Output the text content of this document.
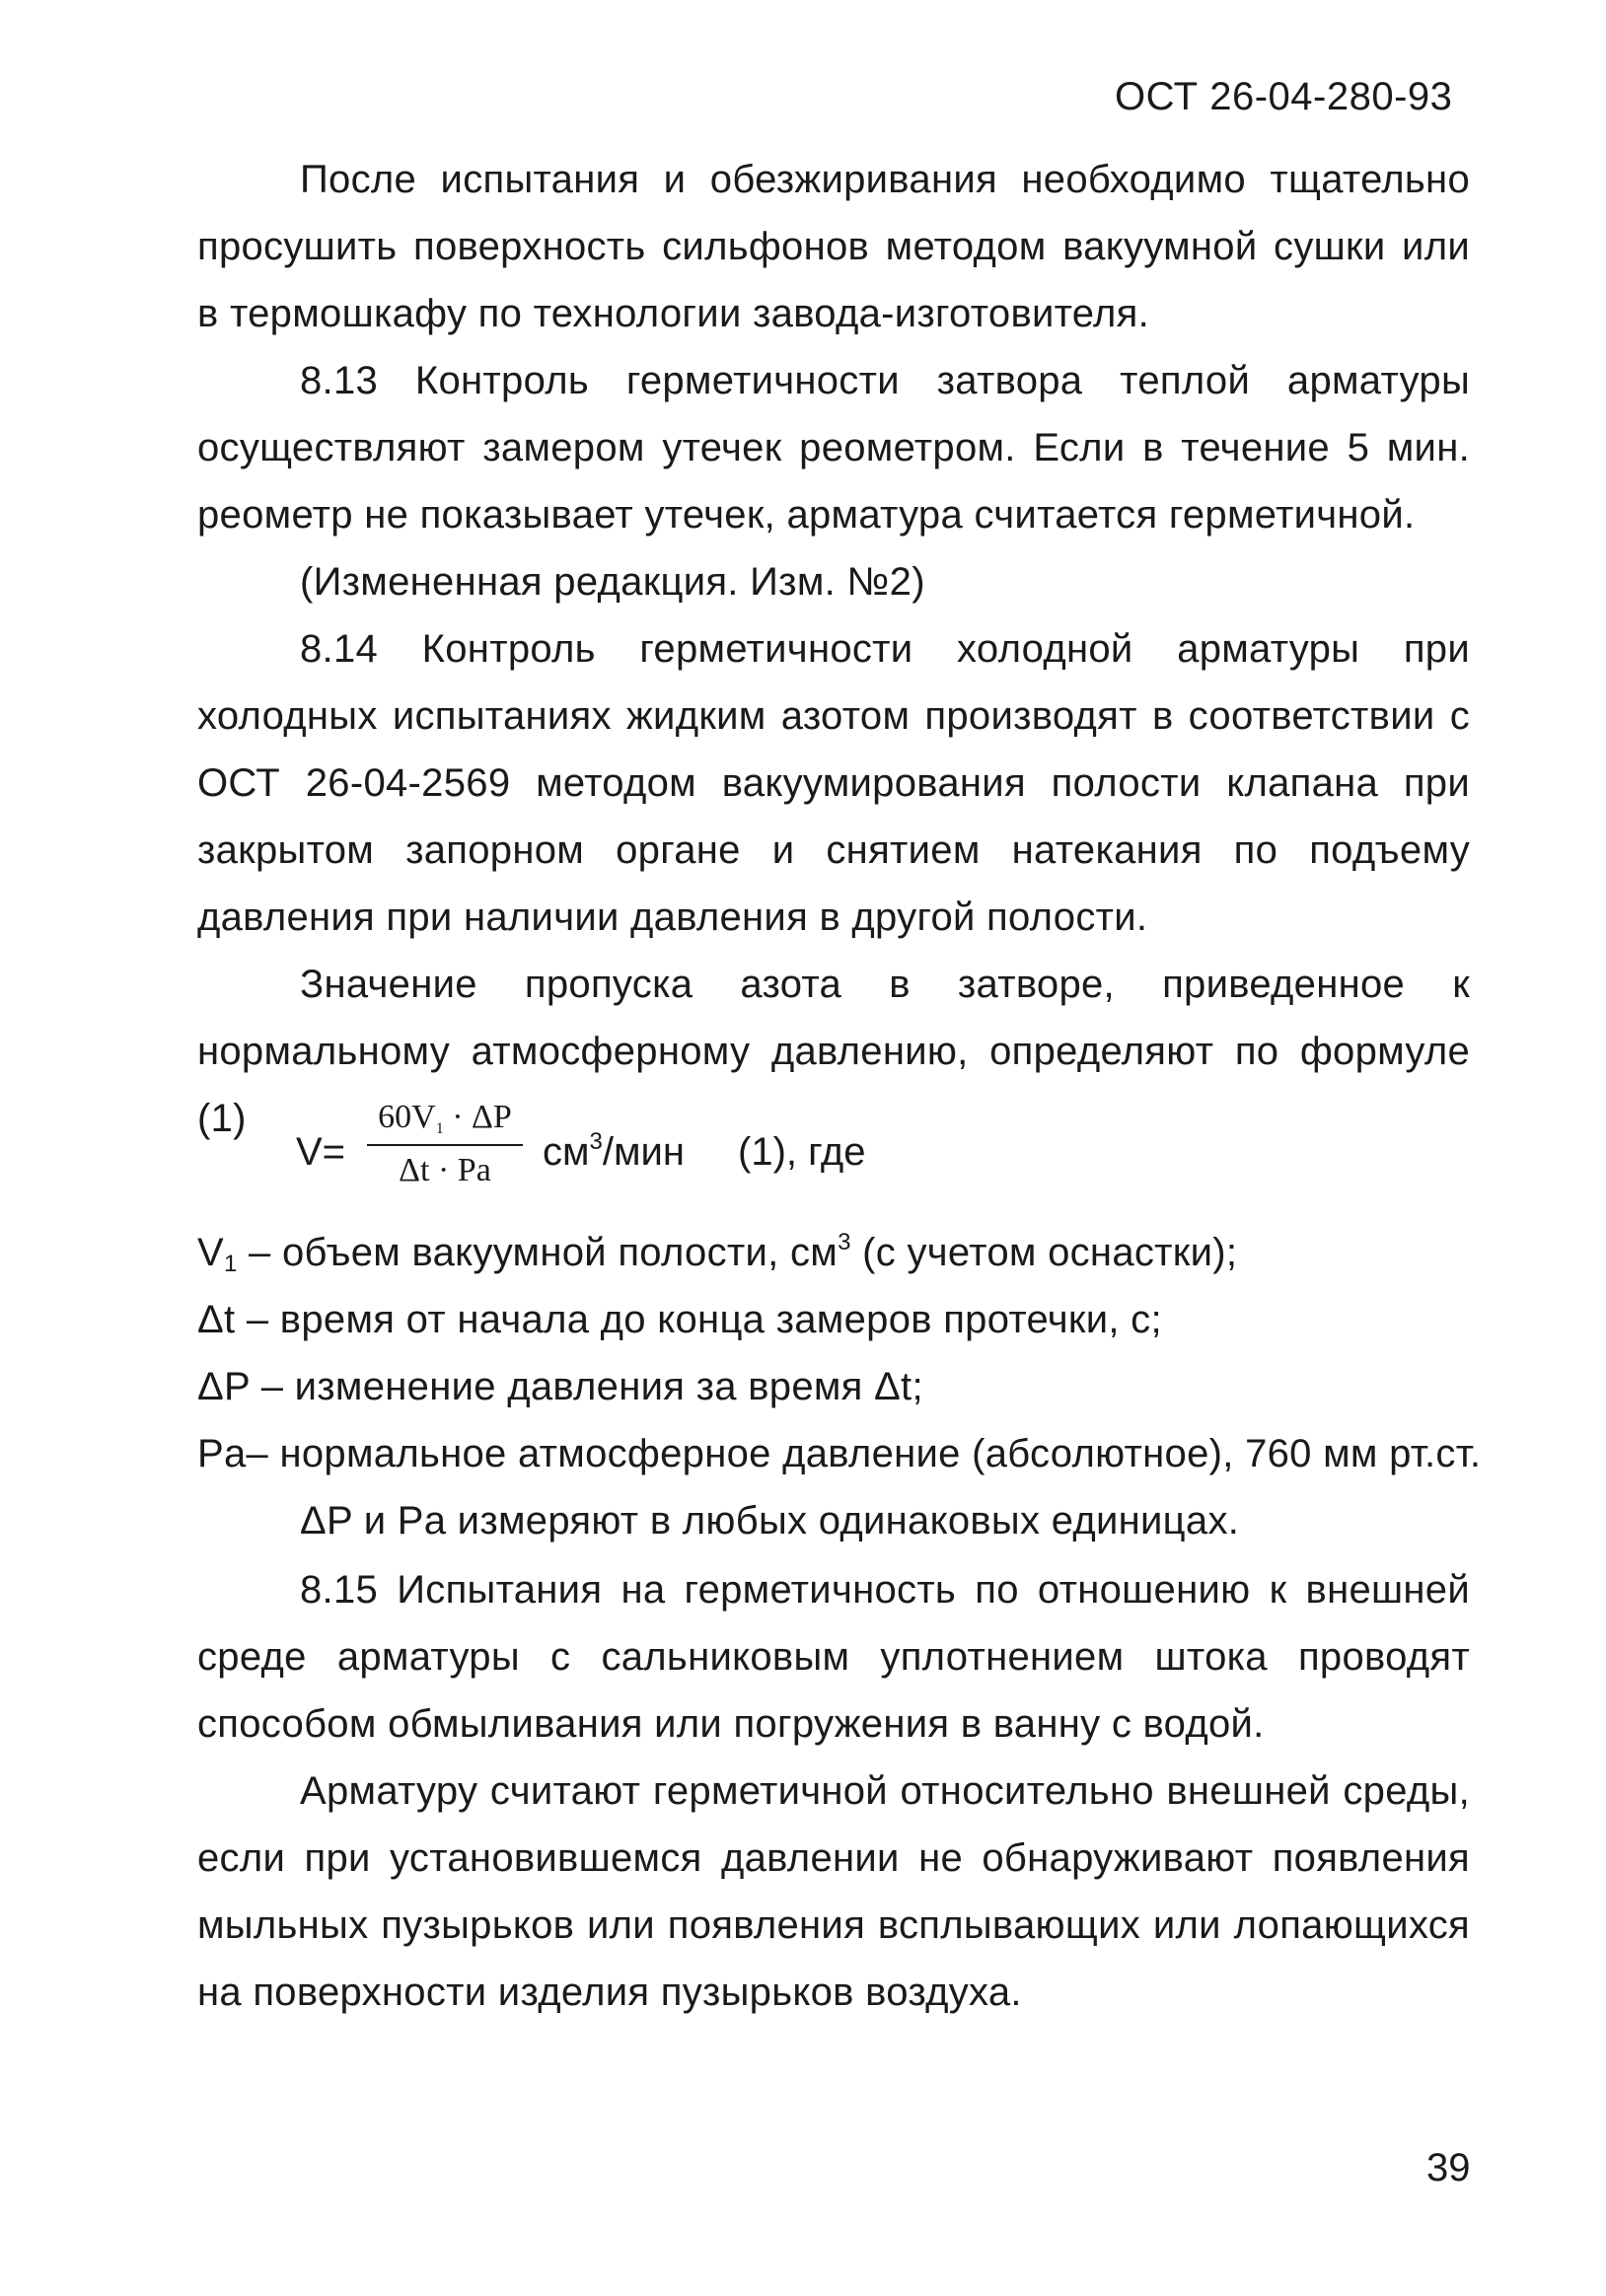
ОСТ 26-04-280-93

После испытания и обезжиривания необходимо тщательно просушить поверхность сильфонов методом вакуумной сушки или в термошкафу по технологии завода-изготовителя.

8.13 Контроль герметичности затвора теплой арматуры осуществляют замером утечек реометром. Если в течение 5 мин. реометр не показывает утечек, арматура считается герметичной.

(Измененная редакция. Изм. №2)

8.14 Контроль герметичности холодной арматуры при холодных испытаниях жидким азотом производят в соответствии с ОСТ 26-04-2569 методом вакуумирования полости клапана при закрытом запорном органе и снятием натекания по подъему давления при наличии давления в другой полости.

Значение пропуска азота в затворе, приведенное к нормальному атмосферному давлению, определяют по формуле (1)

V=
$60V_1 \cdot \Delta P$
Δt · Pa	$см^3$/мин (1), где
$V_1$ – объем вакуумной полости, $см^3$ (с учетом оснастки);
Δt – время от начала до конца замеров протечки, с;
ΔP – изменение давления за время Δt;
Pa– нормальное атмосферное давление (абсолютное), 760 мм рт.ст.
ΔP и Pa измеряют в любых одинаковых единицах.

8.15 Испытания на герметичность по отношению к внешней среде арматуры с сальниковым уплотнением штока проводят способом обмыливания или погружения в ванну с водой.

Арматуру считают герметичной относительно внешней среды, если при установившемся давлении не обнаруживают появления мыльных пузырьков или появления всплывающих или лопающихся на поверхности изделия пузырьков воздуха.

39
